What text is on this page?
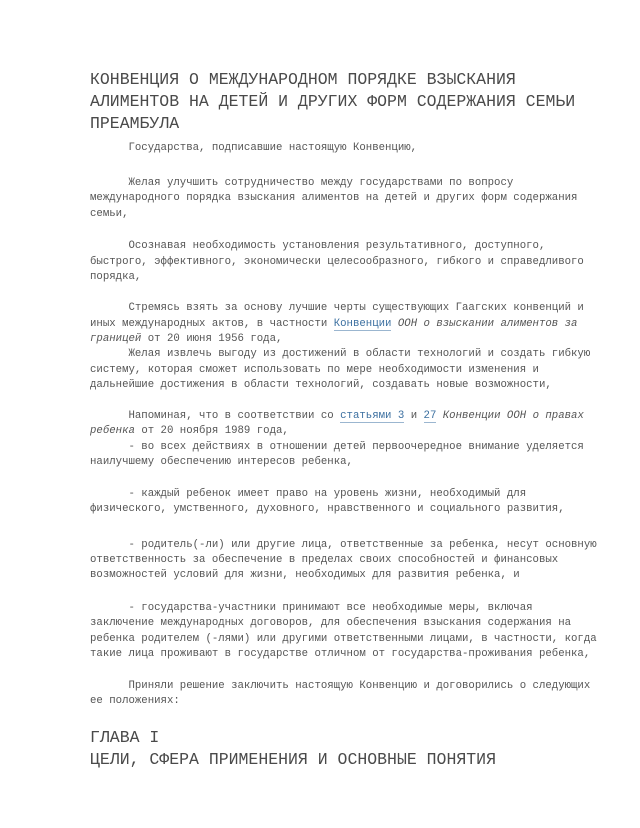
КОНВЕНЦИЯ О МЕЖДУНАРОДНОМ ПОРЯДКЕ ВЗЫСКАНИЯ
АЛИМЕНТОВ НА ДЕТЕЙ И ДРУГИХ ФОРМ СОДЕРЖАНИЯ СЕМЬИ
ПРЕАМБУЛА
ГЛАВА I
ЦЕЛИ, СФЕРА ПРИМЕНЕНИЯ И ОСНОВНЫЕ ПОНЯТИЯ
Государства, подписавшие настоящую Конвенцию,
Желая улучшить сотрудничество между государствами по вопросу
международного порядка взыскания алиментов на детей и других форм содержания
семьи,
Осознавая необходимость установления результативного, доступного,
быстрого, эффективного, экономически целесообразного, гибкого и справедливого
порядка,
Стремясь взять за основу лучшие черты существующих Гаагских конвенций и
иных международных актов, в частности Конвенции ООН о взыскании алиментов за
границей от 20 июня 1956 года,
Желая извлечь выгоду из достижений в области технологий и создать гибкую
систему, которая сможет использовать по мере необходимости изменения и
дальнейшие достижения в области технологий, создавать новые возможности,
Напоминая, что в соответствии со статьями 3 и 27 Конвенции ООН о правах
ребенка от 20 ноября 1989 года,
- во всех действиях в отношении детей первоочередное внимание уделяется
наилучшему обеспечению интересов ребенка,
- каждый ребенок имеет право на уровень жизни, необходимый для
физического, умственного, духовного, нравственного и социального развития,
- родитель(-ли) или другие лица, ответственные за ребенка, несут основную
ответственность за обеспечение в пределах своих способностей и финансовых
возможностей условий для жизни, необходимых для развития ребенка, и
- государства-участники принимают все необходимые меры, включая
заключение международных договоров, для обеспечения взыскания содержания на
ребенка родителем (-лями) или другими ответственными лицами, в частности, когда
такие лица проживают в государстве отличном от государства-проживания ребенка,
Приняли решение заключить настоящую Конвенцию и договорились о следующих
ее положениях:
